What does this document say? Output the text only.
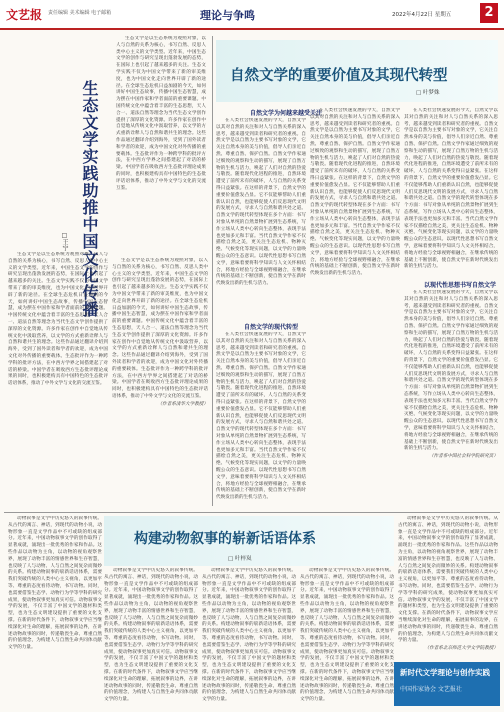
文艺报 责任编辑 美术编辑 电子邮箱	理论与争鸣	2022年4月22日 星期五	2
生态文学实践助推中国文化传播
□王宁

生态文学是以生态系统为观照对象，以人与自然的关系为核心，书写自然、反思人类中心主义的文学类型。近年来，中国生态文学的创作与研究呈现出蓬勃发展的态势，在国际上也引起了越来越多的关注。生态文学实践不仅为中国文学带来了新的审美维度，也为中国文化走向世界开辟了新的途径。在全球生态危机日益加剧的今天，如何讲好中国生态故事，传播中国生态智慧，成为摆在中国作家和学者面前的重要课题。中国传统文化中蕴含着丰富的生态思想，天人合一、道法自然等理念为当代生态文学创作提供了深厚的文化资源。许多作家在创作中自觉地从传统文化中汲取营养，以文学的方式重新诠释人与自然和谐共生的理念。这些作品通过翻译介绍到海外，受到了国外读者和学者的欢迎，成为中国文化对外传播的重要载体。生态批评作为一种跨学科的批评方法，在中西方学界之间搭建起了对话的桥梁。中国学者在吸收西方生态批评理论成果的同时，也积极建构具有中国特色的生态批评话语体系，推动了中外文学与文化的交流互鉴。

生态文学是以生态系统为观照对象，以人与自然的关系为核心，书写自然、反思人类中心主义的文学类型。近年来，中国生态文学的创作与研究呈现出蓬勃发展的态势，在国际上也引起了越来越多的关注。生态文学实践不仅为中国文学带来了新的审美维度，也为中国文化走向世界开辟了新的途径。在全球生态危机日益加剧的今天，如何讲好中国生态故事，传播中国生态智慧，成为摆在中国作家和学者面前的重要课题。中国传统文化中蕴含着丰富的生态思想，天人合一、道法自然等理念为当代生态文学创作提供了深厚的文化资源。许多作家在创作中自觉地从传统文化中汲取营养，以文学的方式重新诠释人与自然和谐共生的理念。这些作品通过翻译介绍到海外，受到了国外读者和学者的欢迎，成为中国文化对外传播的重要载体。生态批评作为一种跨学科的批评方法，在中西方学界之间搭建起了对话的桥梁。中国学者在吸收西方生态批评理论成果的同时，也积极建构具有中国特色的生态批评话语体系，推动了中外文学与文化的交流互鉴。

生态文学是以生态系统为观照对象，以人与自然的关系为核心，书写自然、反思人类中心主义的文学类型。近年来，中国生态文学的创作与研究呈现出蓬勃发展的态势，在国际上也引起了越来越多的关注。生态文学实践不仅为中国文学带来了新的审美维度，也为中国文化走向世界开辟了新的途径。在全球生态危机日益加剧的今天，如何讲好中国生态故事，传播中国生态智慧，成为摆在中国作家和学者面前的重要课题。中国传统文化中蕴含着丰富的生态思想，天人合一、道法自然等理念为当代生态文学创作提供了深厚的文化资源。许多作家在创作中自觉地从传统文化中汲取营养，以文学的方式重新诠释人与自然和谐共生的理念。这些作品通过翻译介绍到海外，受到了国外读者和学者的欢迎，成为中国文化对外传播的重要载体。生态批评作为一种跨学科的批评方法，在中西方学界之间搭建起了对话的桥梁。中国学者在吸收西方生态批评理论成果的同时，也积极建构具有中国特色的生态批评话语体系，推动了中外文学与文化的交流互鉴。

（作者系清华大学教授）

自然文学的重要价值及其现代转型
□ 叶梦姝
自然文学为何越来越受关注

在人类社会快速发展的今天，自然文学以其对自然的关注和对人与自然关系的深入思考，越来越受到读者和研究者的重视。自然文学是以自然为主要书写对象的文学，它关注自然本身的美与价值，倡导人们亲近自然、尊重自然、保护自然。自然文学作家通过细致的观察和生动的描写，展现了自然万物的生机与活力，唤起了人们对自然的热爱与敬畏。随着现代化进程的推进，自然环境遭受了前所未有的破坏，人与自然的关系变得日益紧张。在这样的背景下，自然文学的重要价值愈发凸显。它不仅能够帮助人们重新认识自然，也能够促使人们反思现代文明的发展方式，寻求人与自然和谐共处之道。自然文学的现代转型体现在多个方面：书写对象从单纯的自然景物扩展到生态系统，写作立场从人类中心转向生态整体，表现手法也更加多元和丰富。当代自然文学作家不仅描绘自然之美，更关注生态危机、物种灭绝、气候变化等现实问题，以文学的力量唤醒公众的生态意识。以现代性思想书写自然文学，意味着要将科学知识与人文关怀相结合，将地方经验与全球视野相融合，在继承传统的基础上不断创新，使自然文学在新时代焕发出新的生机与活力。

自然文学的现代转型

在人类社会快速发展的今天，自然文学以其对自然的关注和对人与自然关系的深入思考，越来越受到读者和研究者的重视。自然文学是以自然为主要书写对象的文学，它关注自然本身的美与价值，倡导人们亲近自然、尊重自然、保护自然。自然文学作家通过细致的观察和生动的描写，展现了自然万物的生机与活力，唤起了人们对自然的热爱与敬畏。随着现代化进程的推进，自然环境遭受了前所未有的破坏，人与自然的关系变得日益紧张。在这样的背景下，自然文学的重要价值愈发凸显。它不仅能够帮助人们重新认识自然，也能够促使人们反思现代文明的发展方式，寻求人与自然和谐共处之道。自然文学的现代转型体现在多个方面：书写对象从单纯的自然景物扩展到生态系统，写作立场从人类中心转向生态整体，表现手法也更加多元和丰富。当代自然文学作家不仅描绘自然之美，更关注生态危机、物种灭绝、气候变化等现实问题，以文学的力量唤醒公众的生态意识。以现代性思想书写自然文学，意味着要将科学知识与人文关怀相结合，将地方经验与全球视野相融合，在继承传统的基础上不断创新，使自然文学在新时代焕发出新的生机与活力。

在人类社会快速发展的今天，自然文学以其对自然的关注和对人与自然关系的深入思考，越来越受到读者和研究者的重视。自然文学是以自然为主要书写对象的文学，它关注自然本身的美与价值，倡导人们亲近自然、尊重自然、保护自然。自然文学作家通过细致的观察和生动的描写，展现了自然万物的生机与活力，唤起了人们对自然的热爱与敬畏。随着现代化进程的推进，自然环境遭受了前所未有的破坏，人与自然的关系变得日益紧张。在这样的背景下，自然文学的重要价值愈发凸显。它不仅能够帮助人们重新认识自然，也能够促使人们反思现代文明的发展方式，寻求人与自然和谐共处之道。自然文学的现代转型体现在多个方面：书写对象从单纯的自然景物扩展到生态系统，写作立场从人类中心转向生态整体，表现手法也更加多元和丰富。当代自然文学作家不仅描绘自然之美，更关注生态危机、物种灭绝、气候变化等现实问题，以文学的力量唤醒公众的生态意识。以现代性思想书写自然文学，意味着要将科学知识与人文关怀相结合，将地方经验与全球视野相融合，在继承传统的基础上不断创新，使自然文学在新时代焕发出新的生机与活力。

以现代性思想书写自然文学

在人类社会快速发展的今天，自然文学以其对自然的关注和对人与自然关系的深入思考，越来越受到读者和研究者的重视。自然文学是以自然为主要书写对象的文学，它关注自然本身的美与价值，倡导人们亲近自然、尊重自然、保护自然。自然文学作家通过细致的观察和生动的描写，展现了自然万物的生机与活力，唤起了人们对自然的热爱与敬畏。随着现代化进程的推进，自然环境遭受了前所未有的破坏，人与自然的关系变得日益紧张。在这样的背景下，自然文学的重要价值愈发凸显。它不仅能够帮助人们重新认识自然，也能够促使人们反思现代文明的发展方式，寻求人与自然和谐共处之道。自然文学的现代转型体现在多个方面：书写对象从单纯的自然景物扩展到生态系统，写作立场从人类中心转向生态整体，表现手法也更加多元和丰富。当代自然文学作家不仅描绘自然之美，更关注生态危机、物种灭绝、气候变化等现实问题，以文学的力量唤醒公众的生态意识。以现代性思想书写自然文学，意味着要将科学知识与人文关怀相结合，将地方经验与全球视野相融合，在继承传统的基础上不断创新，使自然文学在新时代焕发出新的生机与活力。

在人类社会快速发展的今天，自然文学以其对自然的关注和对人与自然关系的深入思考，越来越受到读者和研究者的重视。自然文学是以自然为主要书写对象的文学，它关注自然本身的美与价值，倡导人们亲近自然、尊重自然、保护自然。自然文学作家通过细致的观察和生动的描写，展现了自然万物的生机与活力，唤起了人们对自然的热爱与敬畏。随着现代化进程的推进，自然环境遭受了前所未有的破坏，人与自然的关系变得日益紧张。在这样的背景下，自然文学的重要价值愈发凸显。它不仅能够帮助人们重新认识自然，也能够促使人们反思现代文明的发展方式，寻求人与自然和谐共处之道。自然文学的现代转型体现在多个方面：书写对象从单纯的自然景物扩展到生态系统，写作立场从人类中心转向生态整体，表现手法也更加多元和丰富。当代自然文学作家不仅描绘自然之美，更关注生态危机、物种灭绝、气候变化等现实问题，以文学的力量唤醒公众的生态意识。以现代性思想书写自然文学，意味着要将科学知识与人文关怀相结合，将地方经验与全球视野相融合，在继承传统的基础上不断创新，使自然文学在新时代焕发出新的生机与活力。

（作者系中国社会科学院研究员）

动物叙事是文学中历史悠久的叙事传统。从古代的寓言、神话，到现代的动物小说，动物形象一直是文学作品中不可或缺的组成部分。近年来，中国动物叙事文学的创作取得了显著成就，涌现出一批优秀的作家和作品。这些作品以动物为主角，以动物的视角观察世界，展现了动物丰富的情感世界和生存智慧，也反映了人与动物、人与自然之间复杂而微妙的关系。构建动物叙事的崭新话语体系，需要我们突破传统的人类中心主义视角，以更加平等、尊重的态度看待动物，书写动物。同时，也需要借鉴生态学、动物行为学等学科的研究成果，使动物叙事更加真实可信。动物叙事文学的发展，不仅丰富了中国文学的题材和类型，也为生态文明建设提供了重要的文化支撑。在新的时代条件下，动物叙事文学应当继续深化对生命的理解，拓展叙事的边界，在讲述动物故事的同时，传递敬畏生命、尊重自然的价值理念，为构建人与自然生命共同体贡献文学的力量。

构建动物叙事的崭新话语体系
□ 叶梓岚

动物叙事是文学中历史悠久的叙事传统。从古代的寓言、神话，到现代的动物小说，动物形象一直是文学作品中不可或缺的组成部分。近年来，中国动物叙事文学的创作取得了显著成就，涌现出一批优秀的作家和作品。这些作品以动物为主角，以动物的视角观察世界，展现了动物丰富的情感世界和生存智慧，也反映了人与动物、人与自然之间复杂而微妙的关系。构建动物叙事的崭新话语体系，需要我们突破传统的人类中心主义视角，以更加平等、尊重的态度看待动物，书写动物。同时，也需要借鉴生态学、动物行为学等学科的研究成果，使动物叙事更加真实可信。动物叙事文学的发展，不仅丰富了中国文学的题材和类型，也为生态文明建设提供了重要的文化支撑。在新的时代条件下，动物叙事文学应当继续深化对生命的理解，拓展叙事的边界，在讲述动物故事的同时，传递敬畏生命、尊重自然的价值理念，为构建人与自然生命共同体贡献文学的力量。

动物叙事是文学中历史悠久的叙事传统。从古代的寓言、神话，到现代的动物小说，动物形象一直是文学作品中不可或缺的组成部分。近年来，中国动物叙事文学的创作取得了显著成就，涌现出一批优秀的作家和作品。这些作品以动物为主角，以动物的视角观察世界，展现了动物丰富的情感世界和生存智慧，也反映了人与动物、人与自然之间复杂而微妙的关系。构建动物叙事的崭新话语体系，需要我们突破传统的人类中心主义视角，以更加平等、尊重的态度看待动物，书写动物。同时，也需要借鉴生态学、动物行为学等学科的研究成果，使动物叙事更加真实可信。动物叙事文学的发展，不仅丰富了中国文学的题材和类型，也为生态文明建设提供了重要的文化支撑。在新的时代条件下，动物叙事文学应当继续深化对生命的理解，拓展叙事的边界，在讲述动物故事的同时，传递敬畏生命、尊重自然的价值理念，为构建人与自然生命共同体贡献文学的力量。

动物叙事是文学中历史悠久的叙事传统。从古代的寓言、神话，到现代的动物小说，动物形象一直是文学作品中不可或缺的组成部分。近年来，中国动物叙事文学的创作取得了显著成就，涌现出一批优秀的作家和作品。这些作品以动物为主角，以动物的视角观察世界，展现了动物丰富的情感世界和生存智慧，也反映了人与动物、人与自然之间复杂而微妙的关系。构建动物叙事的崭新话语体系，需要我们突破传统的人类中心主义视角，以更加平等、尊重的态度看待动物，书写动物。同时，也需要借鉴生态学、动物行为学等学科的研究成果，使动物叙事更加真实可信。动物叙事文学的发展，不仅丰富了中国文学的题材和类型，也为生态文明建设提供了重要的文化支撑。在新的时代条件下，动物叙事文学应当继续深化对生命的理解，拓展叙事的边界，在讲述动物故事的同时，传递敬畏生命、尊重自然的价值理念，为构建人与自然生命共同体贡献文学的力量。

动物叙事是文学中历史悠久的叙事传统。从古代的寓言、神话，到现代的动物小说，动物形象一直是文学作品中不可或缺的组成部分。近年来，中国动物叙事文学的创作取得了显著成就，涌现出一批优秀的作家和作品。这些作品以动物为主角，以动物的视角观察世界，展现了动物丰富的情感世界和生存智慧，也反映了人与动物、人与自然之间复杂而微妙的关系。构建动物叙事的崭新话语体系，需要我们突破传统的人类中心主义视角，以更加平等、尊重的态度看待动物，书写动物。同时，也需要借鉴生态学、动物行为学等学科的研究成果，使动物叙事更加真实可信。动物叙事文学的发展，不仅丰富了中国文学的题材和类型，也为生态文明建设提供了重要的文化支撑。在新的时代条件下，动物叙事文学应当继续深化对生命的理解，拓展叙事的边界，在讲述动物故事的同时，传递敬畏生命、尊重自然的价值理念，为构建人与自然生命共同体贡献文学的力量。

（作者系北京师范大学文学院教授）

新时代文学理论与创作实践
中国作家协会 文艺报社
